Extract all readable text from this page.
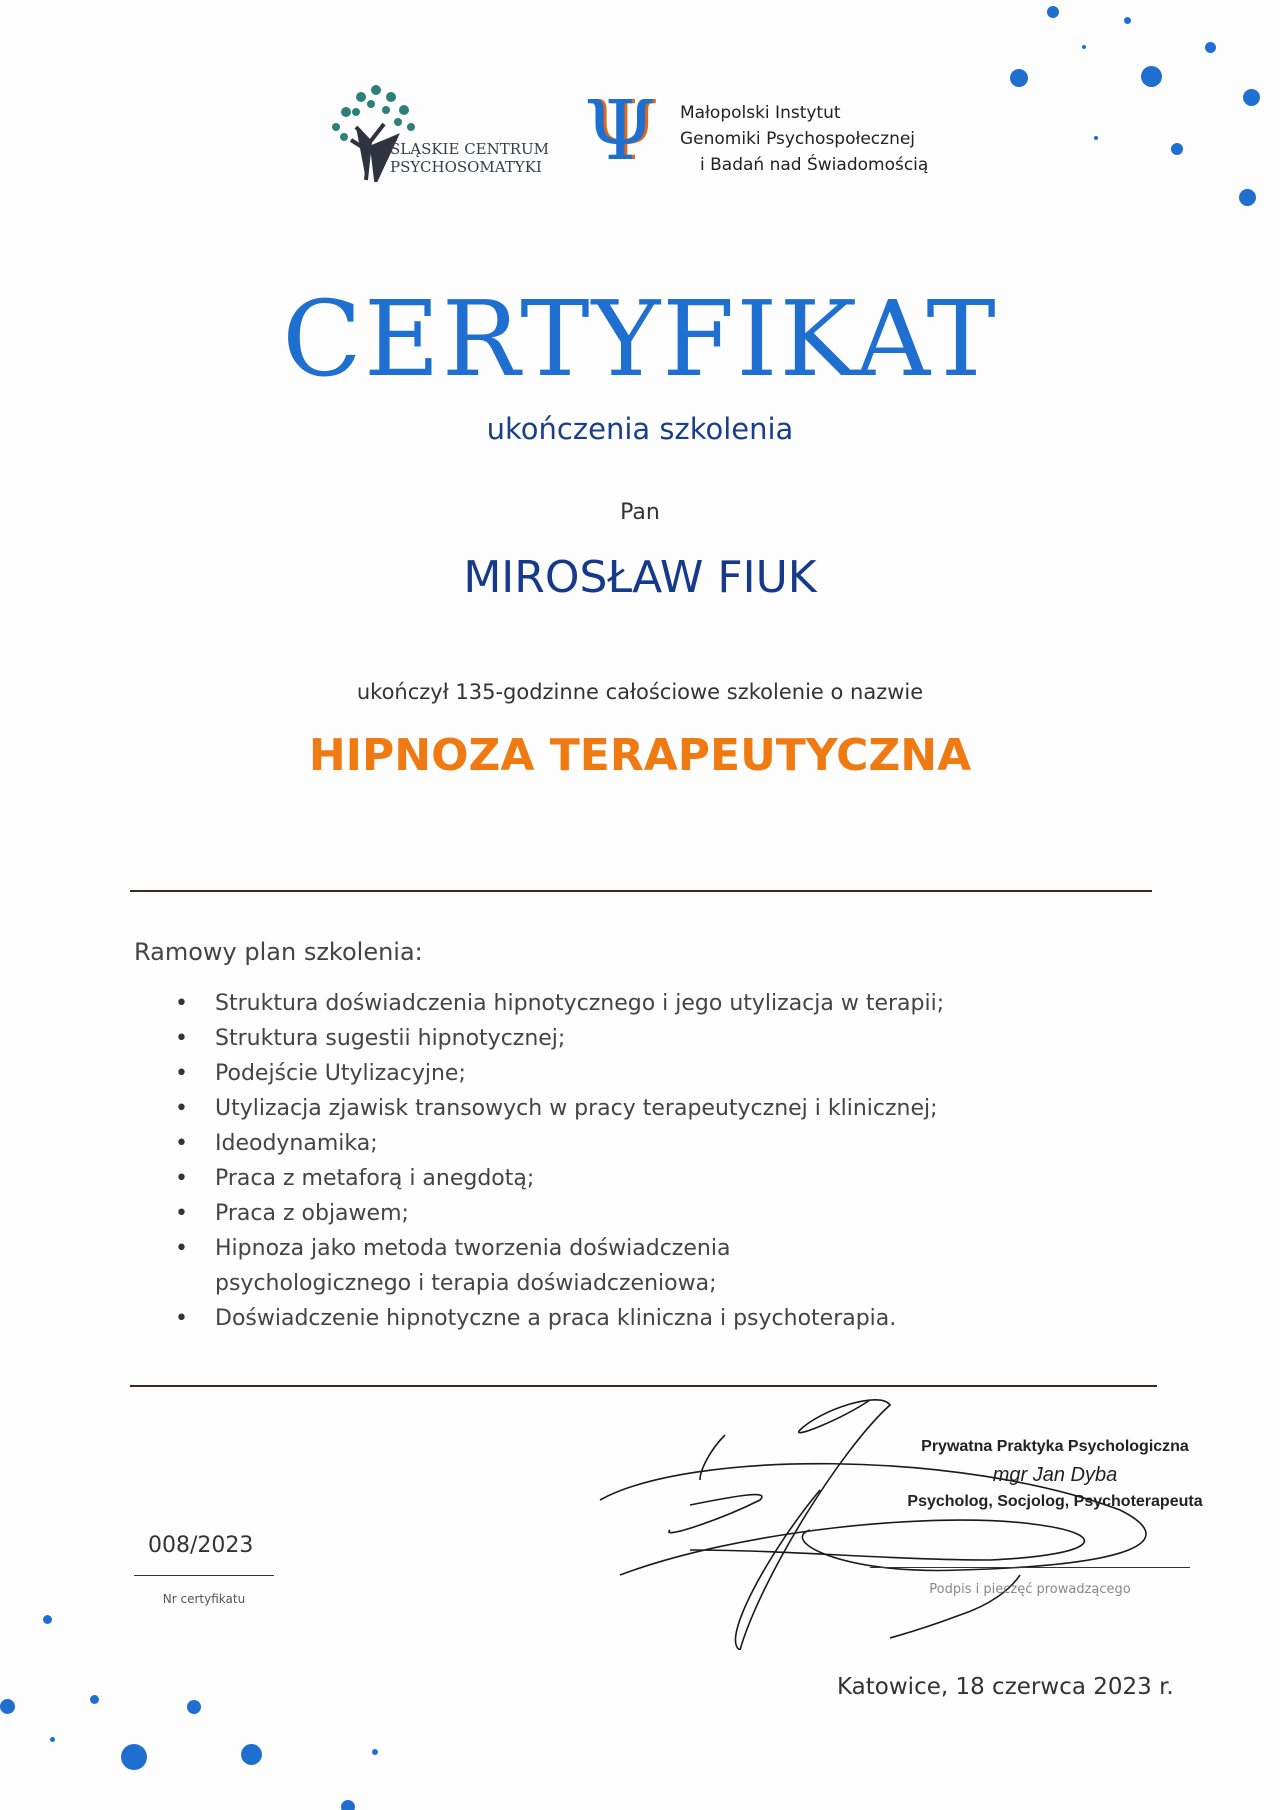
ŚLĄSKIE CENTRUM
PSYCHOSOMATYKI Ψ Małopolski Instytut
Genomiki Psychospołecznej
i Badań nad Świadomością
CERTYFIKAT
ukończenia szkolenia
Pan
MIROSŁAW FIUK
ukończył 135-godzinne całościowe szkolenie o nazwie
HIPNOZA TERAPEUTYCZNA
Ramowy plan szkolenia:
• Struktura doświadczenia hipnotycznego i jego utylizacja w terapii;
• Struktura sugestii hipnotycznej;
• Podejście Utylizacyjne;
• Utylizacja zjawisk transowych w pracy terapeutycznej i klinicznej;
• Ideodynamika;
• Praca z metaforą i anegdotą;
• Praca z objawem;
• Hipnoza jako metoda tworzenia doświadczenia psychologicznego i terapia doświadczeniowa;
• Doświadczenie hipnotyczne a praca kliniczna i psychoterapia.
Prywatna Praktyka Psychologiczna
mgr Jan Dyba
Psycholog, Socjolog, Psychoterapeuta
Podpis i pieczęć prowadzącego
008/2023
Nr certyfikatu
Katowice, 18 czerwca 2023 r.
